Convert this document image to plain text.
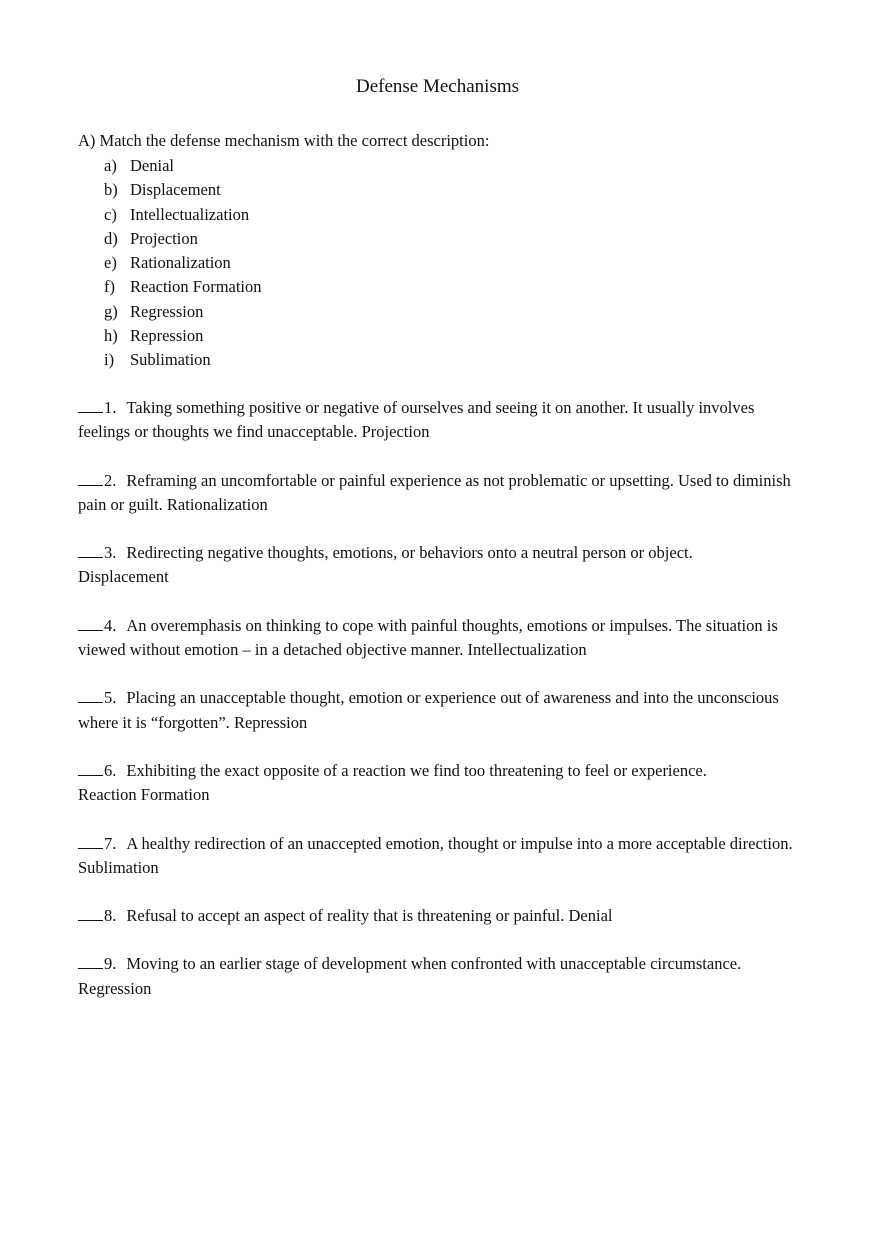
Defense Mechanisms
A) Match the defense mechanism with the correct description:
a) Denial
b) Displacement
c) Intellectualization
d) Projection
e) Rationalization
f) Reaction Formation
g) Regression
h) Repression
i) Sublimation
1. Taking something positive or negative of ourselves and seeing it on another. It usually involves feelings or thoughts we find unacceptable. Projection
2. Reframing an uncomfortable or painful experience as not problematic or upsetting. Used to diminish pain or guilt. Rationalization
3. Redirecting negative thoughts, emotions, or behaviors onto a neutral person or object.
Displacement
4. An overemphasis on thinking to cope with painful thoughts, emotions or impulses. The situation is viewed without emotion – in a detached objective manner. Intellectualization
5. Placing an unacceptable thought, emotion or experience out of awareness and into the unconscious where it is “forgotten”. Repression
6. Exhibiting the exact opposite of a reaction we find too threatening to feel or experience.
Reaction Formation
7. A healthy redirection of an unaccepted emotion, thought or impulse into a more acceptable direction. Sublimation
8. Refusal to accept an aspect of reality that is threatening or painful. Denial
9. Moving to an earlier stage of development when confronted with unacceptable circumstance.
Regression
